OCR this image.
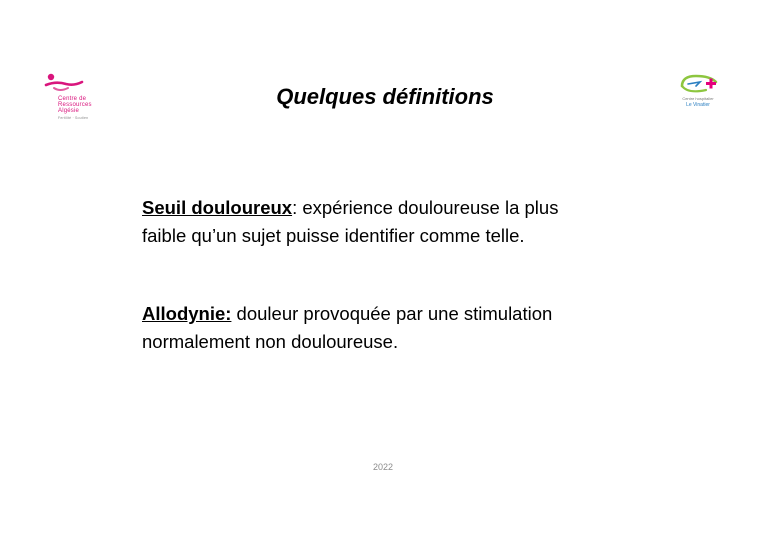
Centre de
Ressources
Algésie
Fertilité · Soutien
Centre hospitalier
Le Vinatier
Quelques définitions
Seuil douloureux: expérience douloureuse la plus
faible qu’un sujet puisse identifier comme telle.
Allodynie: douleur provoquée par une stimulation
normalement non douloureuse.
2022
